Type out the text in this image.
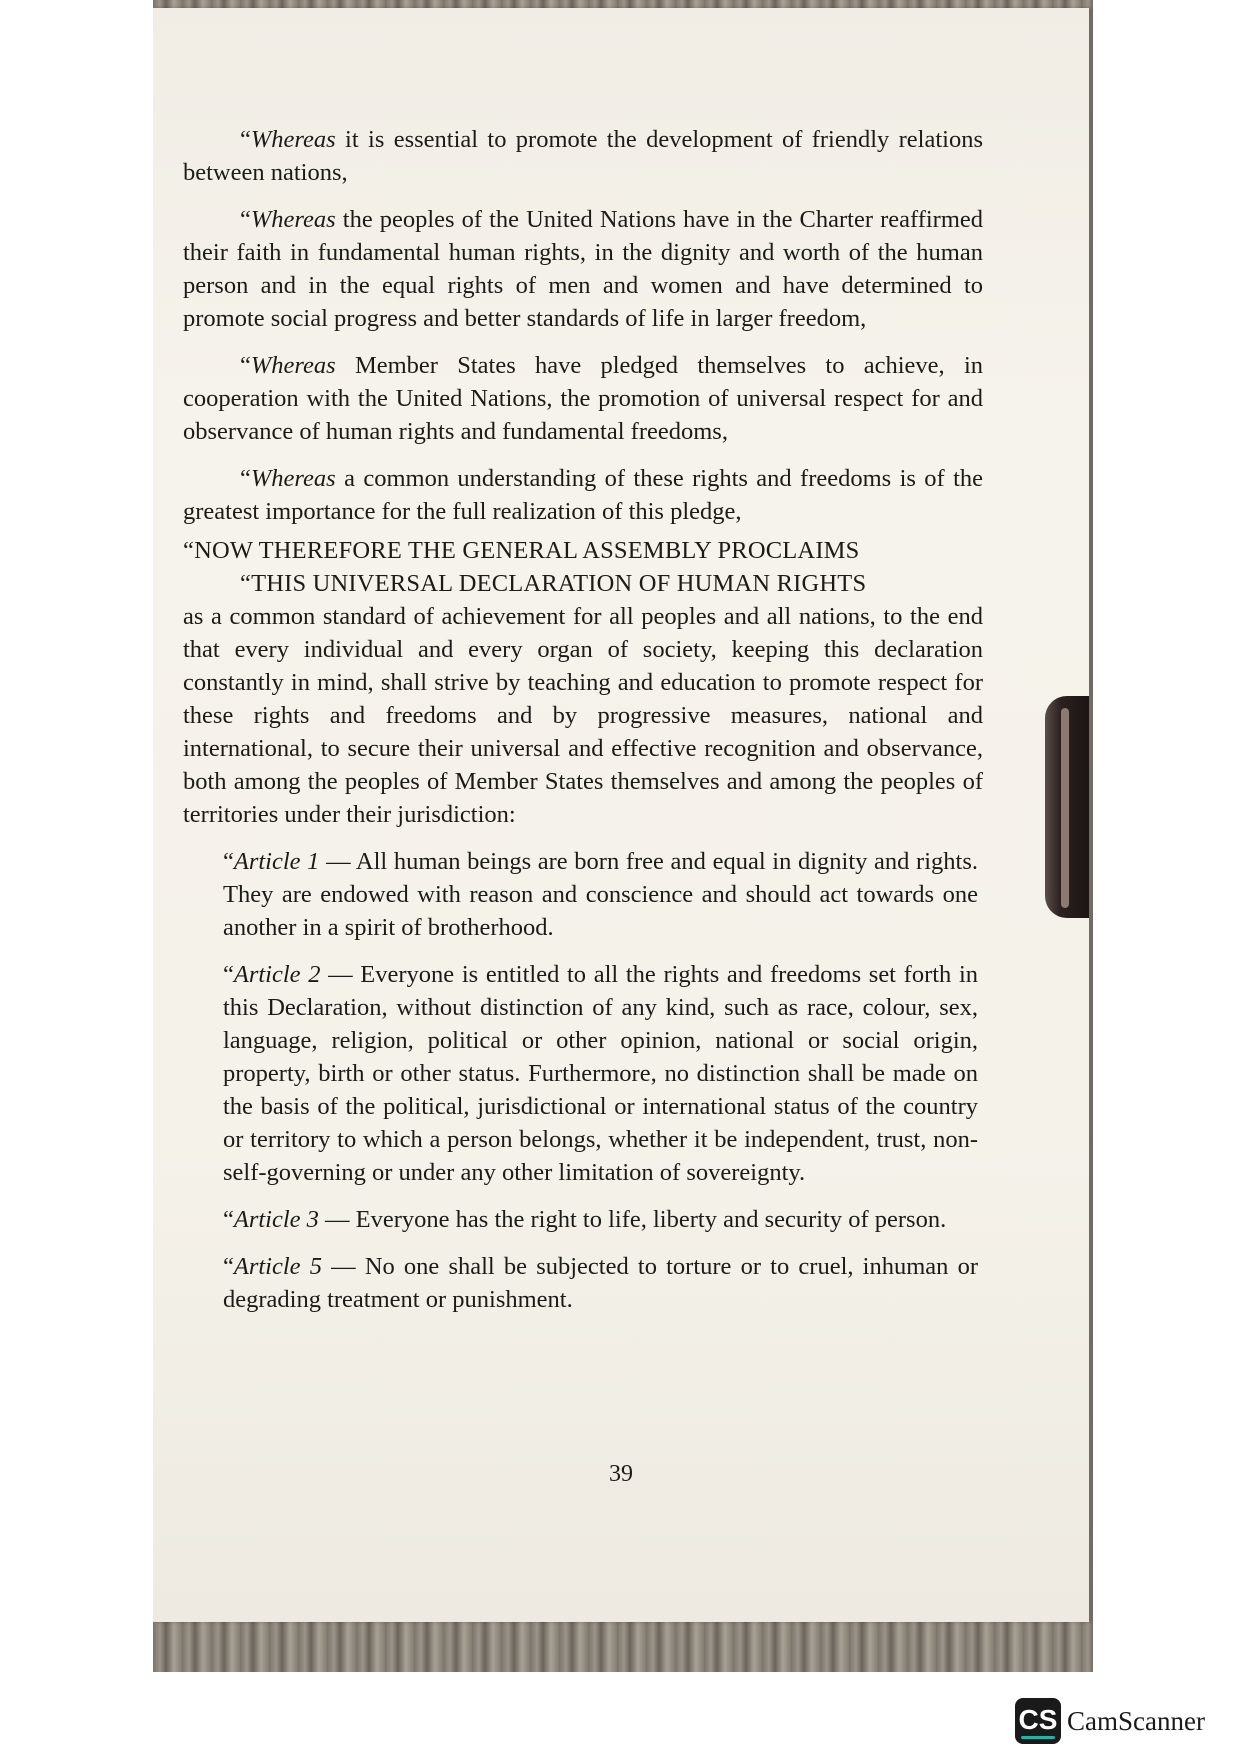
“Whereas it is essential to promote the development of friendly relations between nations,

“Whereas the peoples of the United Nations have in the Charter reaffirmed their faith in fundamental human rights, in the dignity and worth of the human person and in the equal rights of men and women and have determined to promote social progress and better standards of life in larger freedom,

“Whereas Member States have pledged themselves to achieve, in cooperation with the United Nations, the promotion of universal respect for and observance of human rights and fundamental freedoms,

“Whereas a common understanding of these rights and freedoms is of the greatest importance for the full realization of this pledge,

“NOW THEREFORE THE GENERAL ASSEMBLY PROCLAIMS

“THIS UNIVERSAL DECLARATION OF HUMAN RIGHTS

as a common standard of achievement for all peoples and all nations, to the end that every individual and every organ of society, keeping this declaration constantly in mind, shall strive by teaching and education to promote respect for these rights and freedoms and by progressive measures, national and international, to secure their universal and effective recognition and observance, both among the peoples of Member States themselves and among the peoples of territories under their jurisdiction:

“Article 1 — All human beings are born free and equal in dignity and rights. They are endowed with reason and conscience and should act towards one another in a spirit of brotherhood.

“Article 2 — Everyone is entitled to all the rights and freedoms set forth in this Declaration, without distinction of any kind, such as race, colour, sex, language, religion, political or other opinion, national or social origin, property, birth or other status. Furthermore, no distinction shall be made on the basis of the political, jurisdictional or international status of the country or territory to which a person belongs, whether it be independent, trust, non-self-governing or under any other limitation of sovereignty.

“Article 3 — Everyone has the right to life, liberty and security of person.

“Article 5 — No one shall be subjected to torture or to cruel, inhuman or degrading treatment or punishment.

39
CS CamScanner
